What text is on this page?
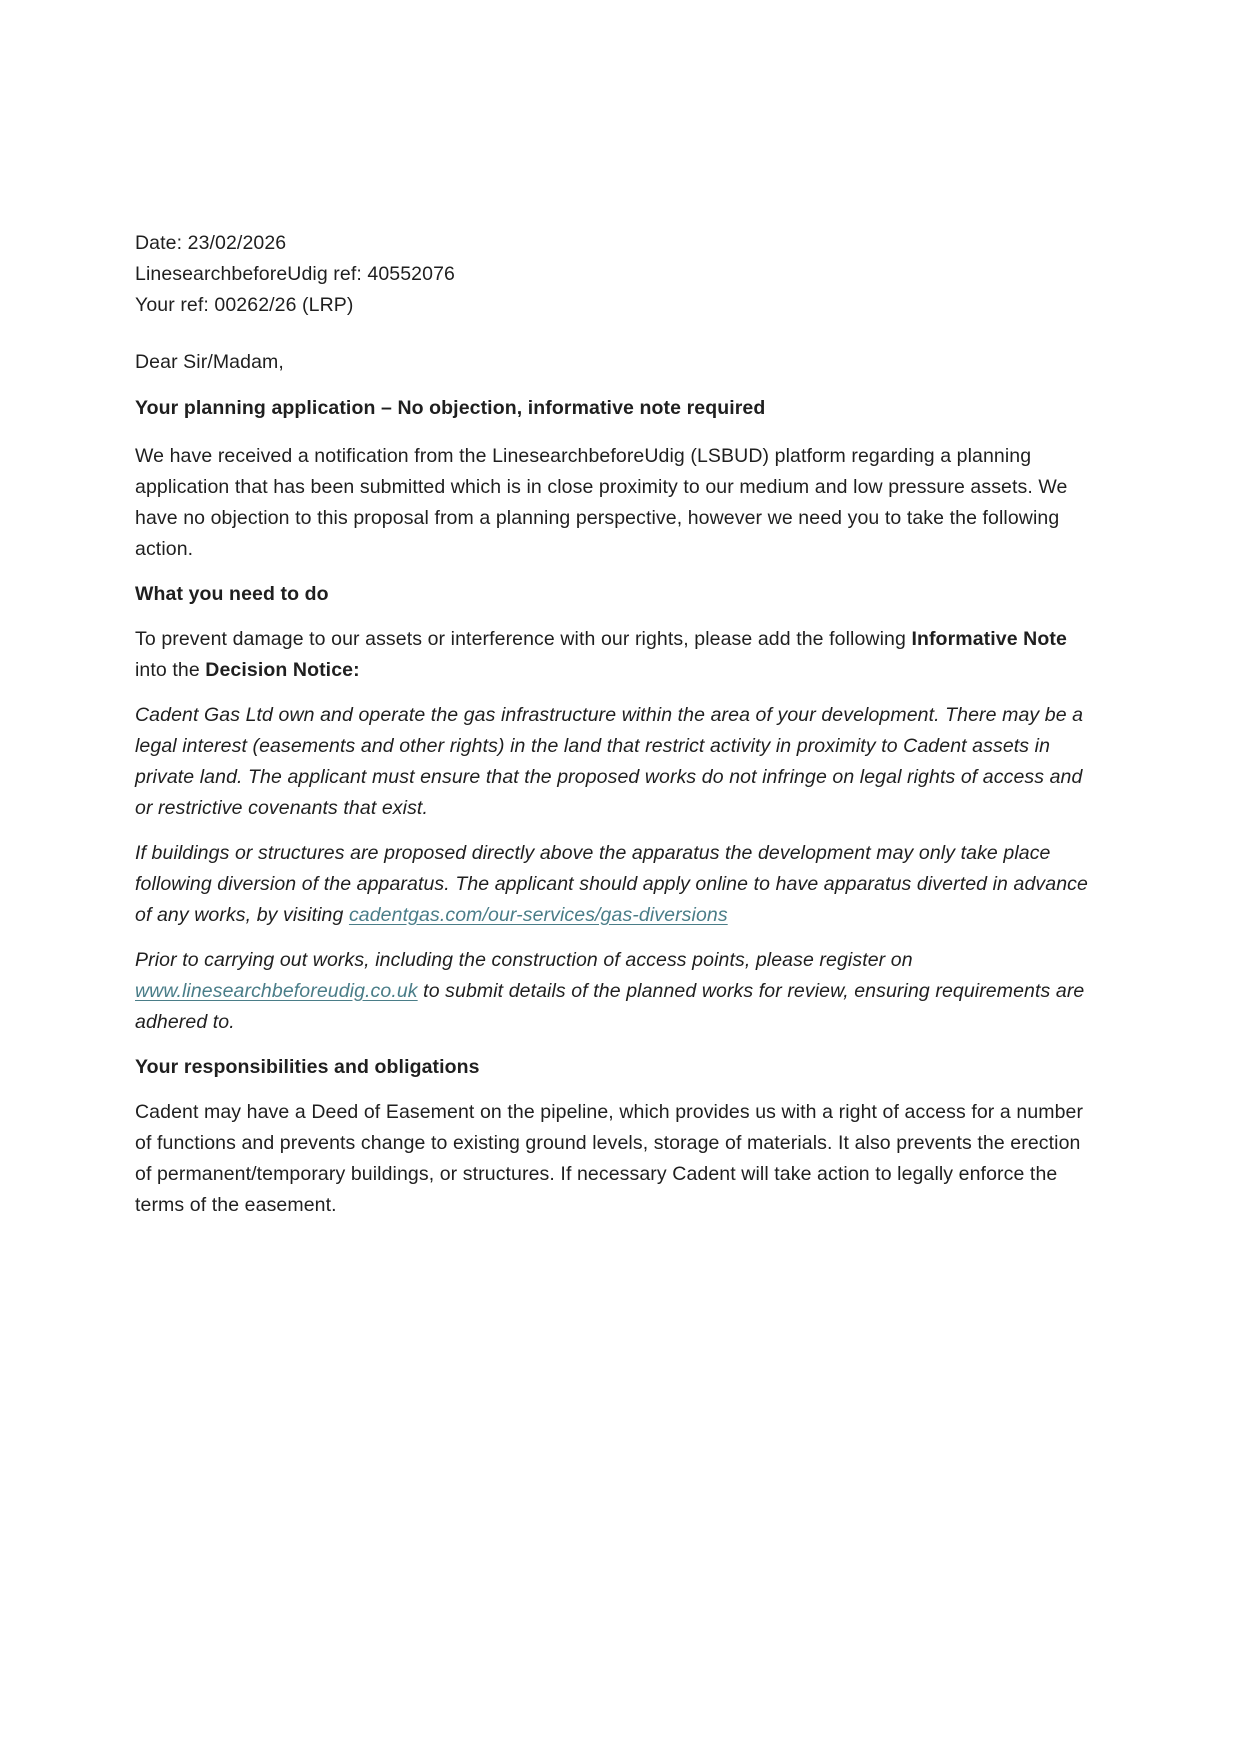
Date: 23/02/2026

LinesearchbeforeUdig ref: 40552076

Your ref: 00262/26 (LRP)

Dear Sir/Madam,

Your planning application – No objection, informative note required

We have received a notification from the LinesearchbeforeUdig (LSBUD) platform regarding a planning application that has been submitted which is in close proximity to our medium and low pressure assets. We have no objection to this proposal from a planning perspective, however we need you to take the following action.

What you need to do

To prevent damage to our assets or interference with our rights, please add the following Informative Note into the Decision Notice:

Cadent Gas Ltd own and operate the gas infrastructure within the area of your development. There may be a legal interest (easements and other rights) in the land that restrict activity in proximity to Cadent assets in private land. The applicant must ensure that the proposed works do not infringe on legal rights of access and or restrictive covenants that exist.

If buildings or structures are proposed directly above the apparatus the development may only take place following diversion of the apparatus. The applicant should apply online to have apparatus diverted in advance of any works, by visiting cadentgas.com/our-services/gas-diversions

Prior to carrying out works, including the construction of access points, please register on www.linesearchbeforeudig.co.uk to submit details of the planned works for review, ensuring requirements are adhered to.

Your responsibilities and obligations

Cadent may have a Deed of Easement on the pipeline, which provides us with a right of access for a number of functions and prevents change to existing ground levels, storage of materials. It also prevents the erection of permanent/temporary buildings, or structures. If necessary Cadent will take action to legally enforce the terms of the easement.
